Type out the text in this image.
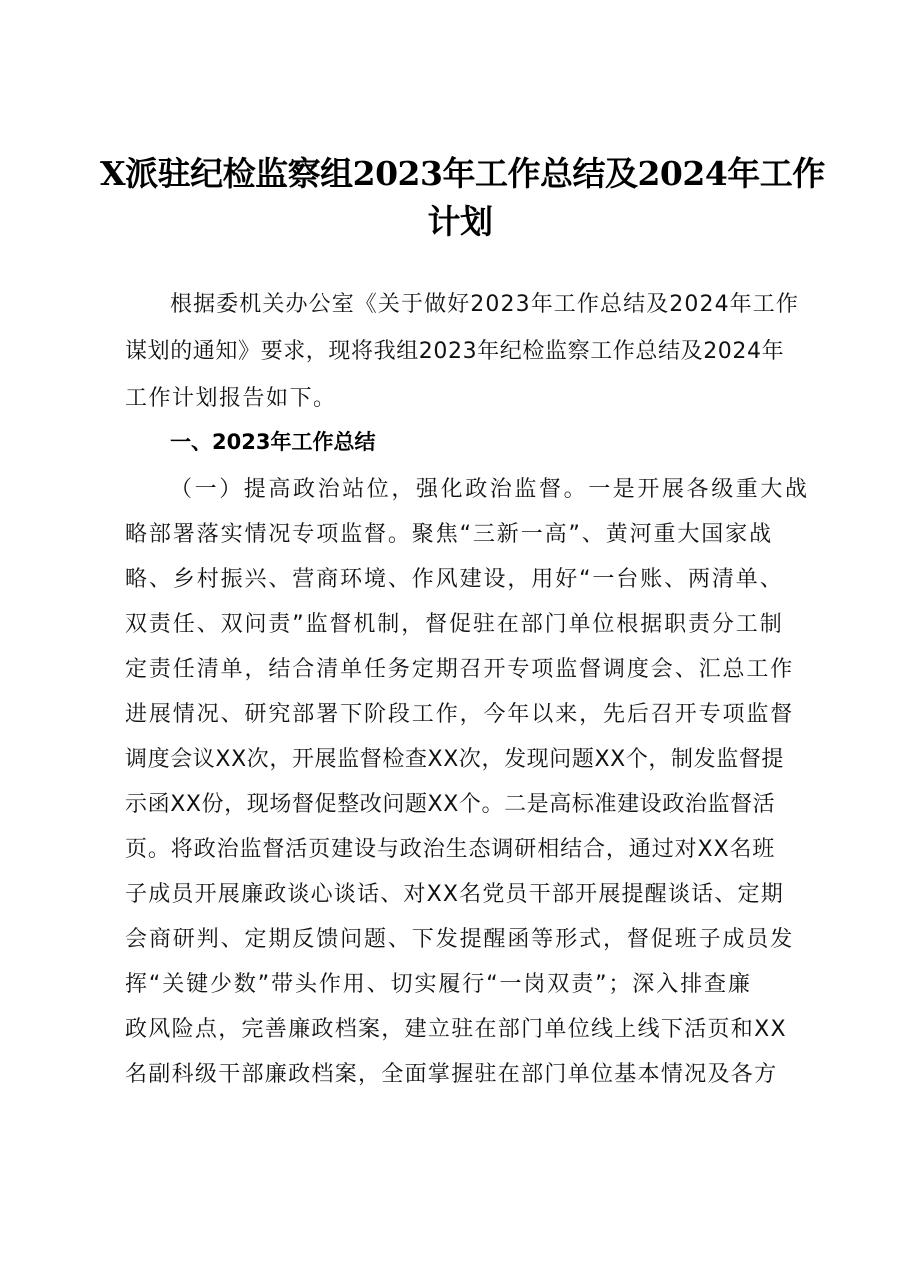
X派驻纪检监察组2023年工作总结及2024年工作
计划
根据委机关办公室《关于做好2023年工作总结及2024年工作
谋划的通知》要求，现将我组2023年纪检监察工作总结及2024年
工作计划报告如下。
一、2023年工作总结
（一）提高政治站位，强化政治监督。一是开展各级重大战
略部署落实情况专项监督。聚焦“三新一高”、黄河重大国家战
略、乡村振兴、营商环境、作风建设，用好“一台账、两清单、
双责任、双问责”监督机制，督促驻在部门单位根据职责分工制
定责任清单，结合清单任务定期召开专项监督调度会、汇总工作
进展情况、研究部署下阶段工作，今年以来，先后召开专项监督
调度会议XX次，开展监督检查XX次，发现问题XX个，制发监督提
示函XX份，现场督促整改问题XX个。二是高标准建设政治监督活
页。将政治监督活页建设与政治生态调研相结合，通过对XX名班
子成员开展廉政谈心谈话、对XX名党员干部开展提醒谈话、定期
会商研判、定期反馈问题、下发提醒函等形式，督促班子成员发
挥“关键少数”带头作用、切实履行“一岗双责”；深入排查廉
政风险点，完善廉政档案，建立驻在部门单位线上线下活页和XX
名副科级干部廉政档案，全面掌握驻在部门单位基本情况及各方
